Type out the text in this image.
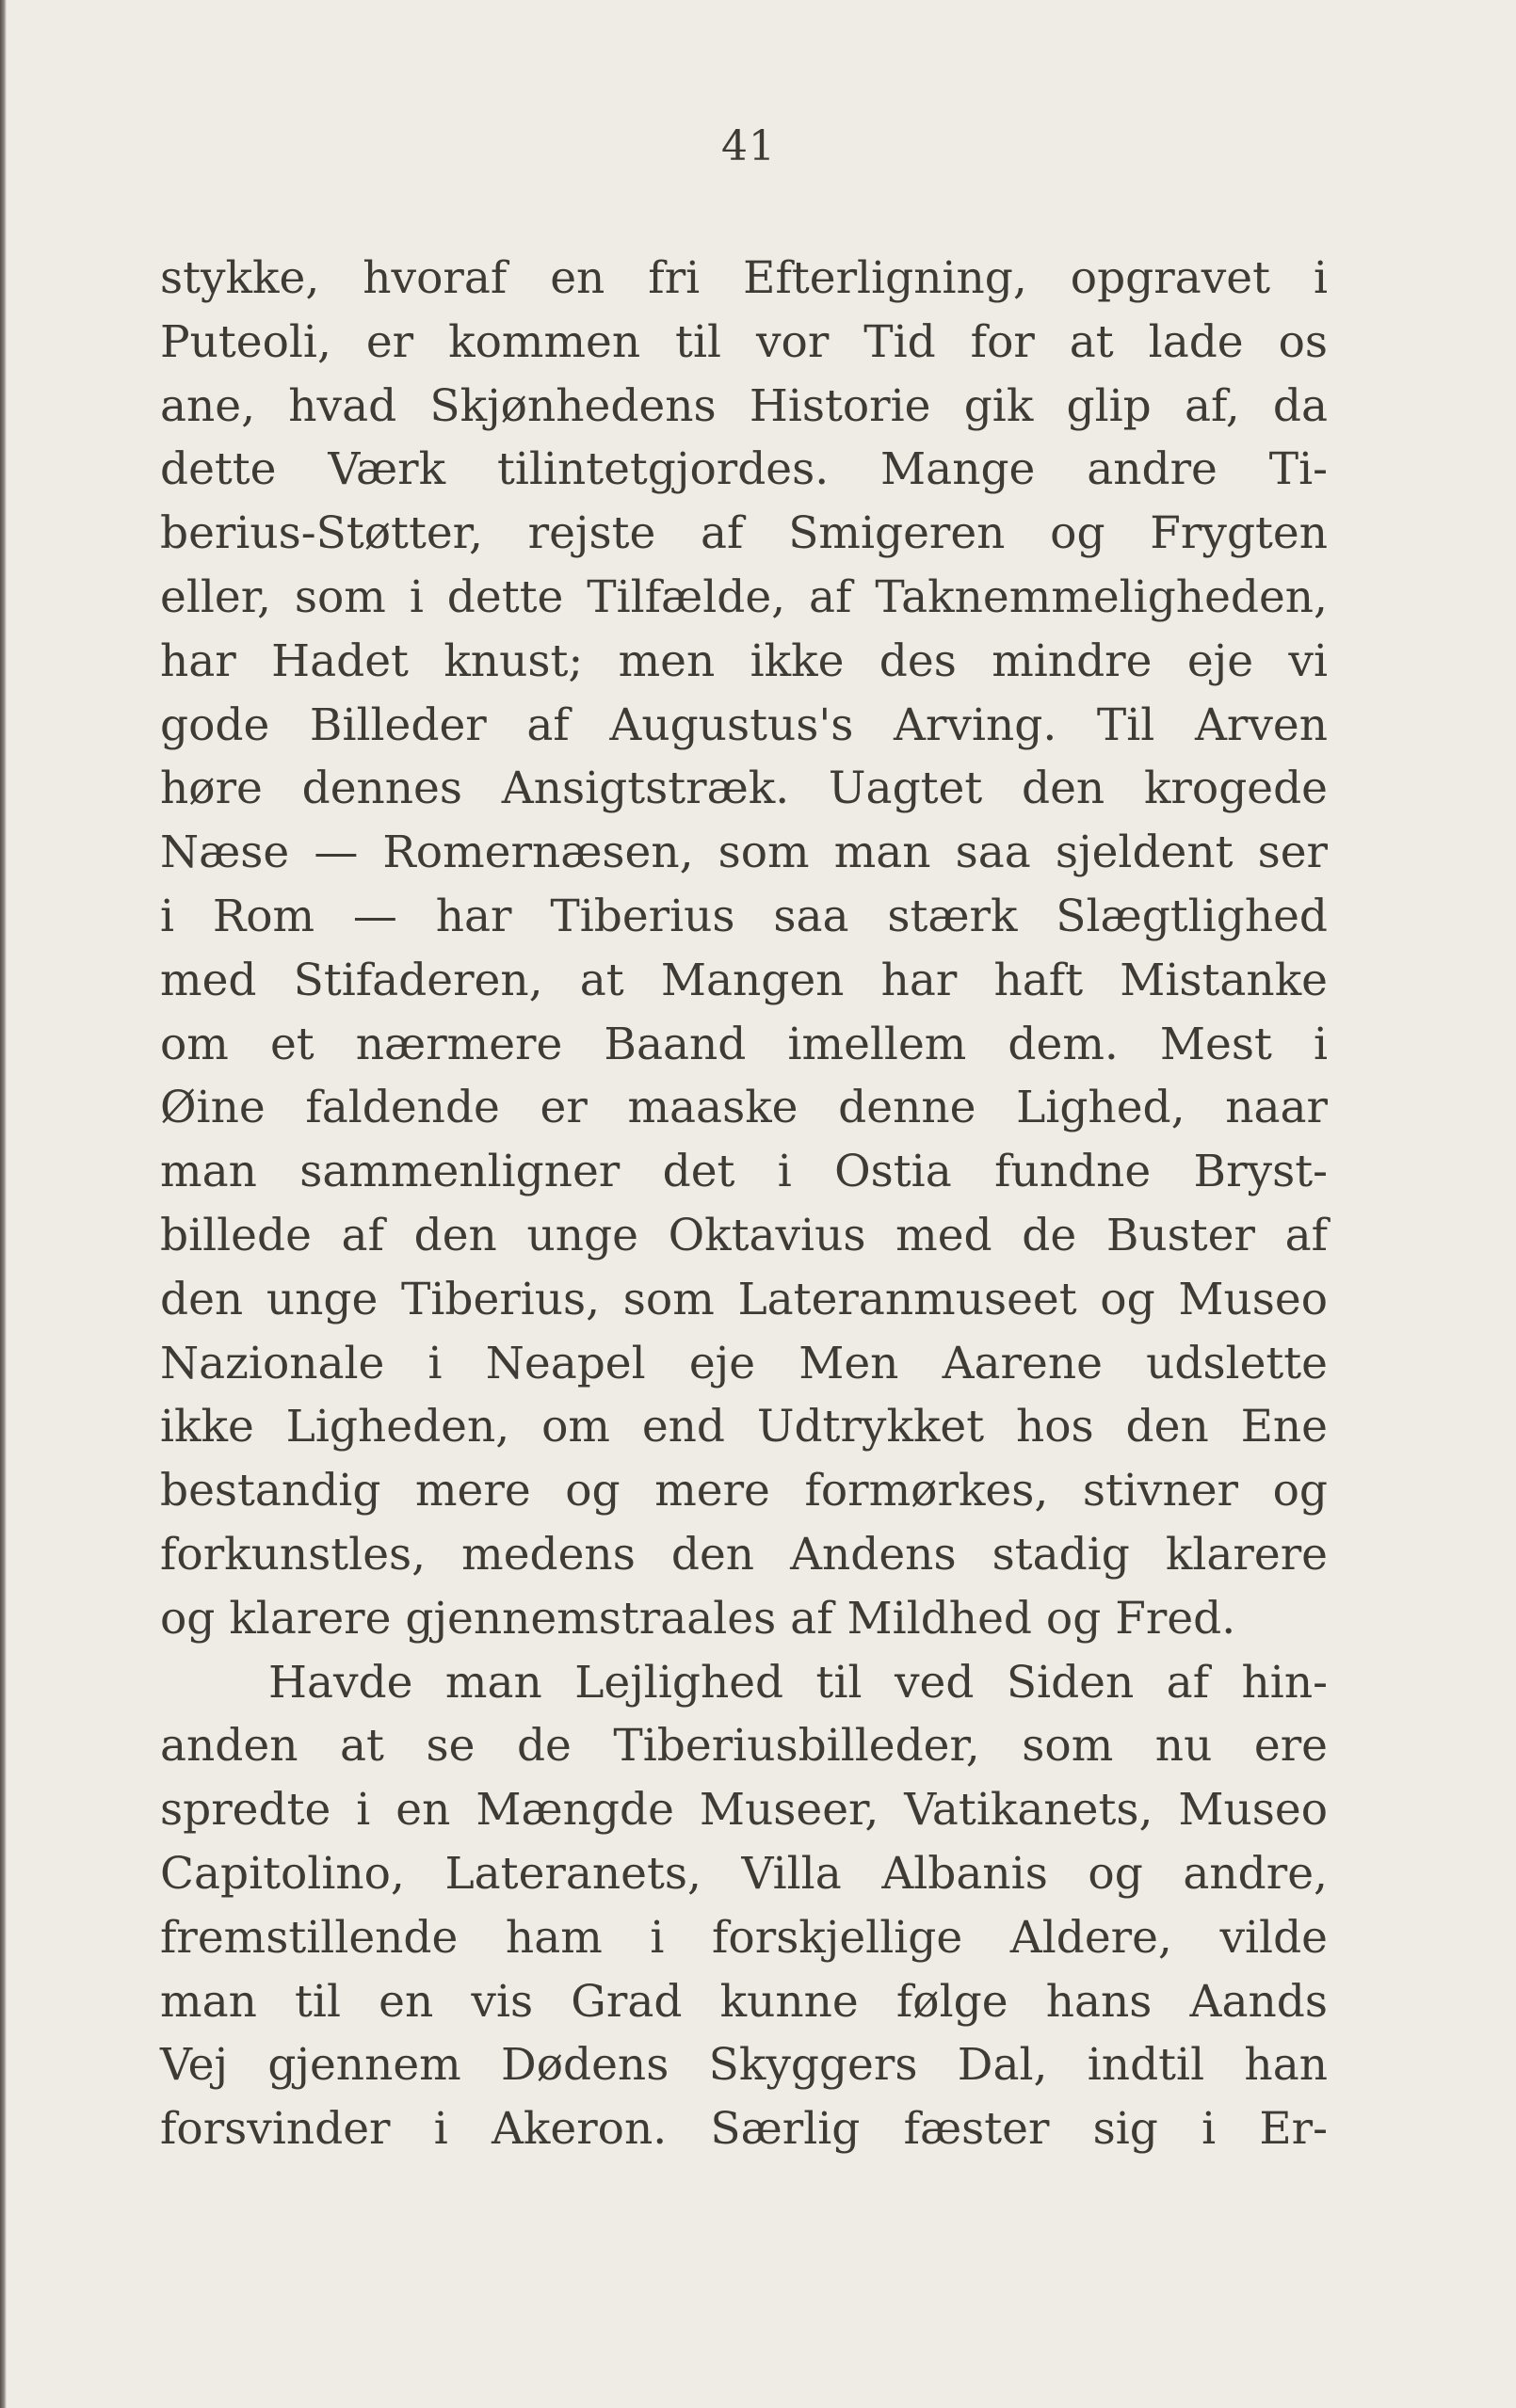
41
stykke, hvoraf en fri Efterligning, opgravet i
Puteoli, er kommen til vor Tid for at lade os
ane, hvad Skjønhedens Historie gik glip af, da
dette Værk tilintetgjordes. Mange andre Ti-
berius-Støtter, rejste af Smigeren og Frygten
eller, som i dette Tilfælde, af Taknemmeligheden,
har Hadet knust; men ikke des mindre eje vi
gode Billeder af Augustus's Arving. Til Arven
høre dennes Ansigtstræk. Uagtet den krogede
Næse — Romernæsen, som man saa sjeldent ser
i Rom — har Tiberius saa stærk Slægtlighed
med Stifaderen, at Mangen har haft Mistanke
om et nærmere Baand imellem dem. Mest i
Øine faldende er maaske denne Lighed, naar
man sammenligner det i Ostia fundne Bryst-
billede af den unge Oktavius med de Buster af
den unge Tiberius, som Lateranmuseet og Museo
Nazionale i Neapel eje Men Aarene udslette
ikke Ligheden, om end Udtrykket hos den Ene
bestandig mere og mere formørkes, stivner og
forkunstles, medens den Andens stadig klarere
og klarere gjennemstraales af Mildhed og Fred.
Havde man Lejlighed til ved Siden af hin-
anden at se de Tiberiusbilleder, som nu ere
spredte i en Mængde Museer, Vatikanets, Museo
Capitolino, Lateranets, Villa Albanis og andre,
fremstillende ham i forskjellige Aldere, vilde
man til en vis Grad kunne følge hans Aands
Vej gjennem Dødens Skyggers Dal, indtil han
forsvinder i Akeron. Særlig fæster sig i Er-
